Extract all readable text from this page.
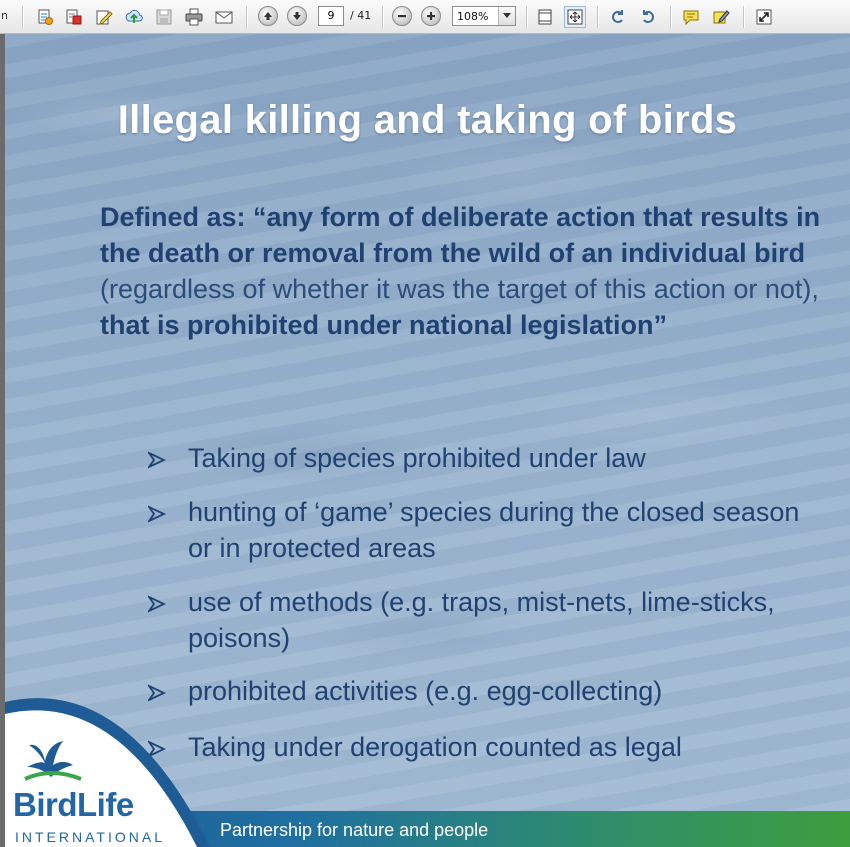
n
9	/ 41	108%
Illegal killing and taking of birds
Defined as: “any form of deliberate action that results in the death or removal from the wild of an individual bird (regardless of whether it was the target of this action or not), that is prohibited under national legislation”
Taking of species prohibited under law
hunting of ‘game’ species during the closed season or in protected areas
use of methods (e.g. traps, mist-nets, lime-sticks, poisons)
prohibited activities (e.g. egg-collecting)
Taking under derogation counted as legal
Partnership for nature and people
BirdLife
INTERNATIONAL
